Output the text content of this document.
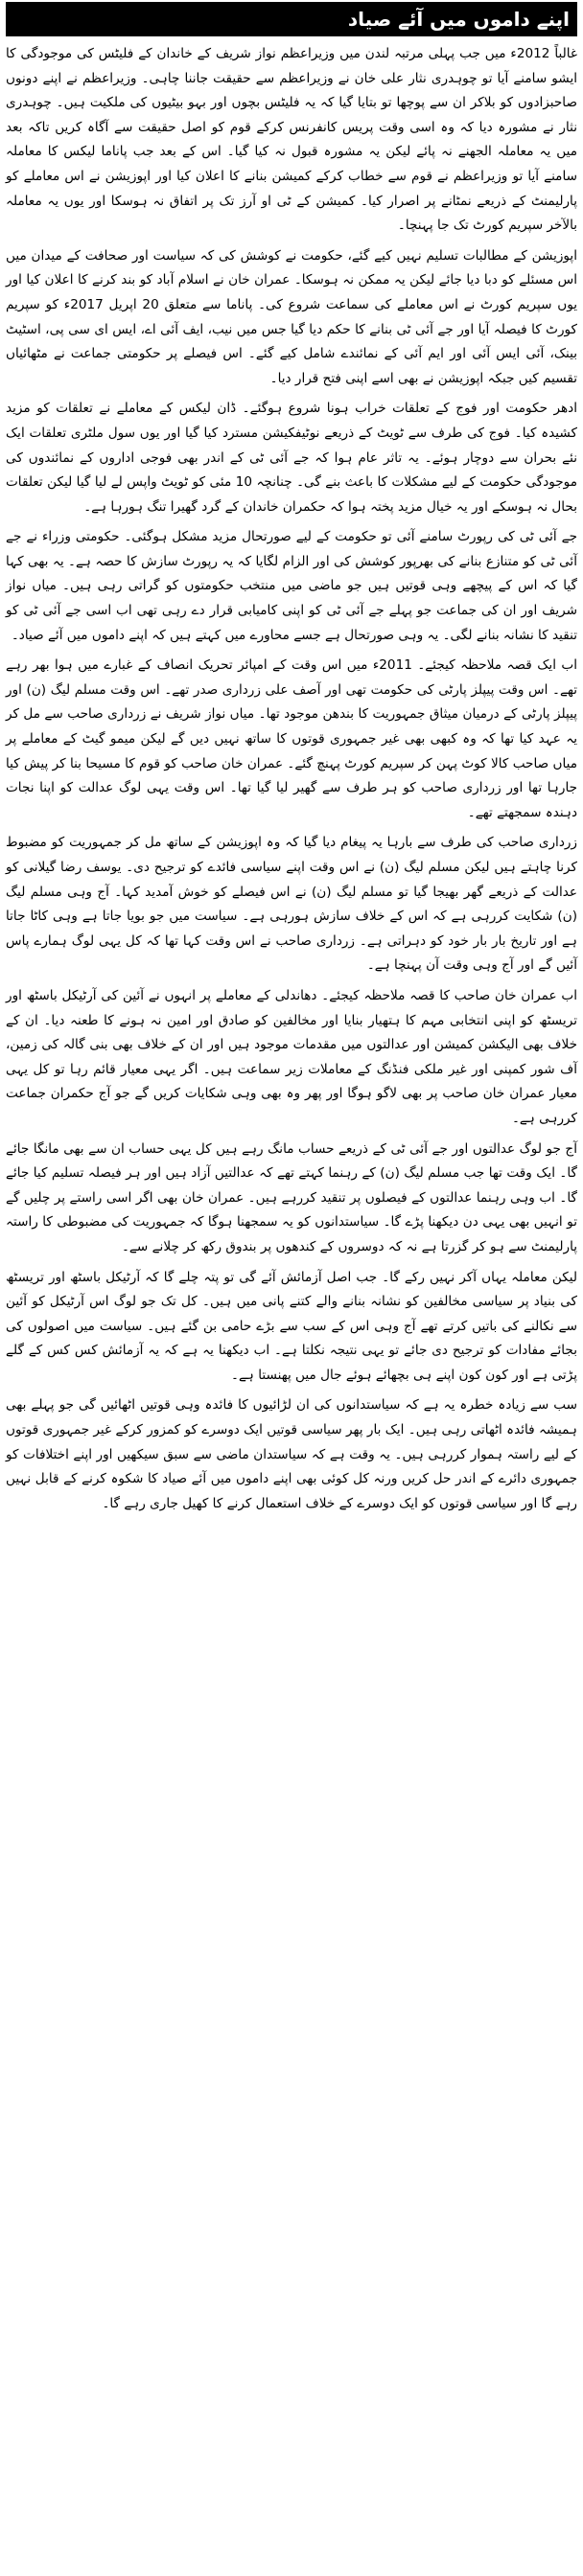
اپنے داموں میں آئے صیاد

غالباً 2012ء میں جب پہلی مرتبہ لندن میں وزیراعظم نواز شریف کے خاندان کے فلیٹس کی موجودگی کا ایشو سامنے آیا تو چوہدری نثار علی خان نے وزیراعظم سے حقیقت جاننا چاہی۔ وزیراعظم نے اپنے دونوں صاحبزادوں کو بلاکر ان سے پوچھا تو بتایا گیا کہ یہ فلیٹس بچوں اور بہو بیٹیوں کی ملکیت ہیں۔ چوہدری نثار نے مشورہ دیا کہ وہ اسی وقت پریس کانفرنس کرکے قوم کو اصل حقیقت سے آگاہ کریں تاکہ بعد میں یہ معاملہ الجھنے نہ پائے لیکن یہ مشورہ قبول نہ کیا گیا۔ اس کے بعد جب پاناما لیکس کا معاملہ سامنے آیا تو وزیراعظم نے قوم سے خطاب کرکے کمیشن بنانے کا اعلان کیا اور اپوزیشن نے اس معاملے کو پارلیمنٹ کے ذریعے نمٹانے پر اصرار کیا۔ کمیشن کے ٹی او آرز تک پر اتفاق نہ ہوسکا اور یوں یہ معاملہ بالآخر سپریم کورٹ تک جا پہنچا۔

اپوزیشن کے مطالبات تسلیم نہیں کیے گئے، حکومت نے کوشش کی کہ سیاست اور صحافت کے میدان میں اس مسئلے کو دبا دیا جائے لیکن یہ ممکن نہ ہوسکا۔ عمران خان نے اسلام آباد کو بند کرنے کا اعلان کیا اور یوں سپریم کورٹ نے اس معاملے کی سماعت شروع کی۔ پاناما سے متعلق 20 اپریل 2017ء کو سپریم کورٹ کا فیصلہ آیا اور جے آئی ٹی بنانے کا حکم دیا گیا جس میں نیب، ایف آئی اے، ایس ای سی پی، اسٹیٹ بینک، آئی ایس آئی اور ایم آئی کے نمائندے شامل کیے گئے۔ اس فیصلے پر حکومتی جماعت نے مٹھائیاں تقسیم کیں جبکہ اپوزیشن نے بھی اسے اپنی فتح قرار دیا۔

ادھر حکومت اور فوج کے تعلقات خراب ہونا شروع ہوگئے۔ ڈان لیکس کے معاملے نے تعلقات کو مزید کشیدہ کیا۔ فوج کی طرف سے ٹویٹ کے ذریعے نوٹیفکیشن مسترد کیا گیا اور یوں سول ملٹری تعلقات ایک نئے بحران سے دوچار ہوئے۔ یہ تاثر عام ہوا کہ جے آئی ٹی کے اندر بھی فوجی اداروں کے نمائندوں کی موجودگی حکومت کے لیے مشکلات کا باعث بنے گی۔ چنانچہ 10 مئی کو ٹویٹ واپس لے لیا گیا لیکن تعلقات بحال نہ ہوسکے اور یہ خیال مزید پختہ ہوا کہ حکمران خاندان کے گرد گھیرا تنگ ہورہا ہے۔

جے آئی ٹی کی رپورٹ سامنے آئی تو حکومت کے لیے صورتحال مزید مشکل ہوگئی۔ حکومتی وزراء نے جے آئی ٹی کو متنازع بنانے کی بھرپور کوشش کی اور الزام لگایا کہ یہ رپورٹ سازش کا حصہ ہے۔ یہ بھی کہا گیا کہ اس کے پیچھے وہی قوتیں ہیں جو ماضی میں منتخب حکومتوں کو گراتی رہی ہیں۔ میاں نواز شریف اور ان کی جماعت جو پہلے جے آئی ٹی کو اپنی کامیابی قرار دے رہی تھی اب اسی جے آئی ٹی کو تنقید کا نشانہ بنانے لگی۔ یہ وہی صورتحال ہے جسے محاورے میں کہتے ہیں کہ اپنے داموں میں آئے صیاد۔

اب ایک قصہ ملاحظہ کیجئے۔ 2011ء میں اس وقت کے امپائر تحریک انصاف کے غبارے میں ہوا بھر رہے تھے۔ اس وقت پیپلز پارٹی کی حکومت تھی اور آصف علی زرداری صدر تھے۔ اس وقت مسلم لیگ (ن) اور پیپلز پارٹی کے درمیان میثاق جمہوریت کا بندھن موجود تھا۔ میاں نواز شریف نے زرداری صاحب سے مل کر یہ عہد کیا تھا کہ وہ کبھی بھی غیر جمہوری قوتوں کا ساتھ نہیں دیں گے لیکن میمو گیٹ کے معاملے پر میاں صاحب کالا کوٹ پہن کر سپریم کورٹ پہنچ گئے۔ عمران خان صاحب کو قوم کا مسیحا بنا کر پیش کیا جارہا تھا اور زرداری صاحب کو ہر طرف سے گھیر لیا گیا تھا۔ اس وقت یہی لوگ عدالت کو اپنا نجات دہندہ سمجھتے تھے۔

زرداری صاحب کی طرف سے بارہا یہ پیغام دیا گیا کہ وہ اپوزیشن کے ساتھ مل کر جمہوریت کو مضبوط کرنا چاہتے ہیں لیکن مسلم لیگ (ن) نے اس وقت اپنے سیاسی فائدے کو ترجیح دی۔ یوسف رضا گیلانی کو عدالت کے ذریعے گھر بھیجا گیا تو مسلم لیگ (ن) نے اس فیصلے کو خوش آمدید کہا۔ آج وہی مسلم لیگ (ن) شکایت کررہی ہے کہ اس کے خلاف سازش ہورہی ہے۔ سیاست میں جو بویا جاتا ہے وہی کاٹا جاتا ہے اور تاریخ بار بار خود کو دہراتی ہے۔ زرداری صاحب نے اس وقت کہا تھا کہ کل یہی لوگ ہمارے پاس آئیں گے اور آج وہی وقت آن پہنچا ہے۔

اب عمران خان صاحب کا قصہ ملاحظہ کیجئے۔ دھاندلی کے معاملے پر انہوں نے آئین کی آرٹیکل باسٹھ اور تریسٹھ کو اپنی انتخابی مہم کا ہتھیار بنایا اور مخالفین کو صادق اور امین نہ ہونے کا طعنہ دیا۔ ان کے خلاف بھی الیکشن کمیشن اور عدالتوں میں مقدمات موجود ہیں اور ان کے خلاف بھی بنی گالہ کی زمین، آف شور کمپنی اور غیر ملکی فنڈنگ کے معاملات زیر سماعت ہیں۔ اگر یہی معیار قائم رہا تو کل یہی معیار عمران خان صاحب پر بھی لاگو ہوگا اور پھر وہ بھی وہی شکایات کریں گے جو آج حکمران جماعت کررہی ہے۔

آج جو لوگ عدالتوں اور جے آئی ٹی کے ذریعے حساب مانگ رہے ہیں کل یہی حساب ان سے بھی مانگا جائے گا۔ ایک وقت تھا جب مسلم لیگ (ن) کے رہنما کہتے تھے کہ عدالتیں آزاد ہیں اور ہر فیصلہ تسلیم کیا جائے گا۔ اب وہی رہنما عدالتوں کے فیصلوں پر تنقید کررہے ہیں۔ عمران خان بھی اگر اسی راستے پر چلیں گے تو انہیں بھی یہی دن دیکھنا پڑے گا۔ سیاستدانوں کو یہ سمجھنا ہوگا کہ جمہوریت کی مضبوطی کا راستہ پارلیمنٹ سے ہو کر گزرتا ہے نہ کہ دوسروں کے کندھوں پر بندوق رکھ کر چلانے سے۔

لیکن معاملہ یہاں آکر نہیں رکے گا۔ جب اصل آزمائش آئے گی تو پتہ چلے گا کہ آرٹیکل باسٹھ اور تریسٹھ کی بنیاد پر سیاسی مخالفین کو نشانہ بنانے والے کتنے پانی میں ہیں۔ کل تک جو لوگ اس آرٹیکل کو آئین سے نکالنے کی باتیں کرتے تھے آج وہی اس کے سب سے بڑے حامی بن گئے ہیں۔ سیاست میں اصولوں کی بجائے مفادات کو ترجیح دی جائے تو یہی نتیجہ نکلتا ہے۔ اب دیکھنا یہ ہے کہ یہ آزمائش کس کس کے گلے پڑتی ہے اور کون کون اپنے ہی بچھائے ہوئے جال میں پھنستا ہے۔

سب سے زیادہ خطرہ یہ ہے کہ سیاستدانوں کی ان لڑائیوں کا فائدہ وہی قوتیں اٹھائیں گی جو پہلے بھی ہمیشہ فائدہ اٹھاتی رہی ہیں۔ ایک بار پھر سیاسی قوتیں ایک دوسرے کو کمزور کرکے غیر جمہوری قوتوں کے لیے راستہ ہموار کررہی ہیں۔ یہ وقت ہے کہ سیاستدان ماضی سے سبق سیکھیں اور اپنے اختلافات کو جمہوری دائرے کے اندر حل کریں ورنہ کل کوئی بھی اپنے داموں میں آئے صیاد کا شکوہ کرنے کے قابل نہیں رہے گا اور سیاسی قوتوں کو ایک دوسرے کے خلاف استعمال کرنے کا کھیل جاری رہے گا۔
